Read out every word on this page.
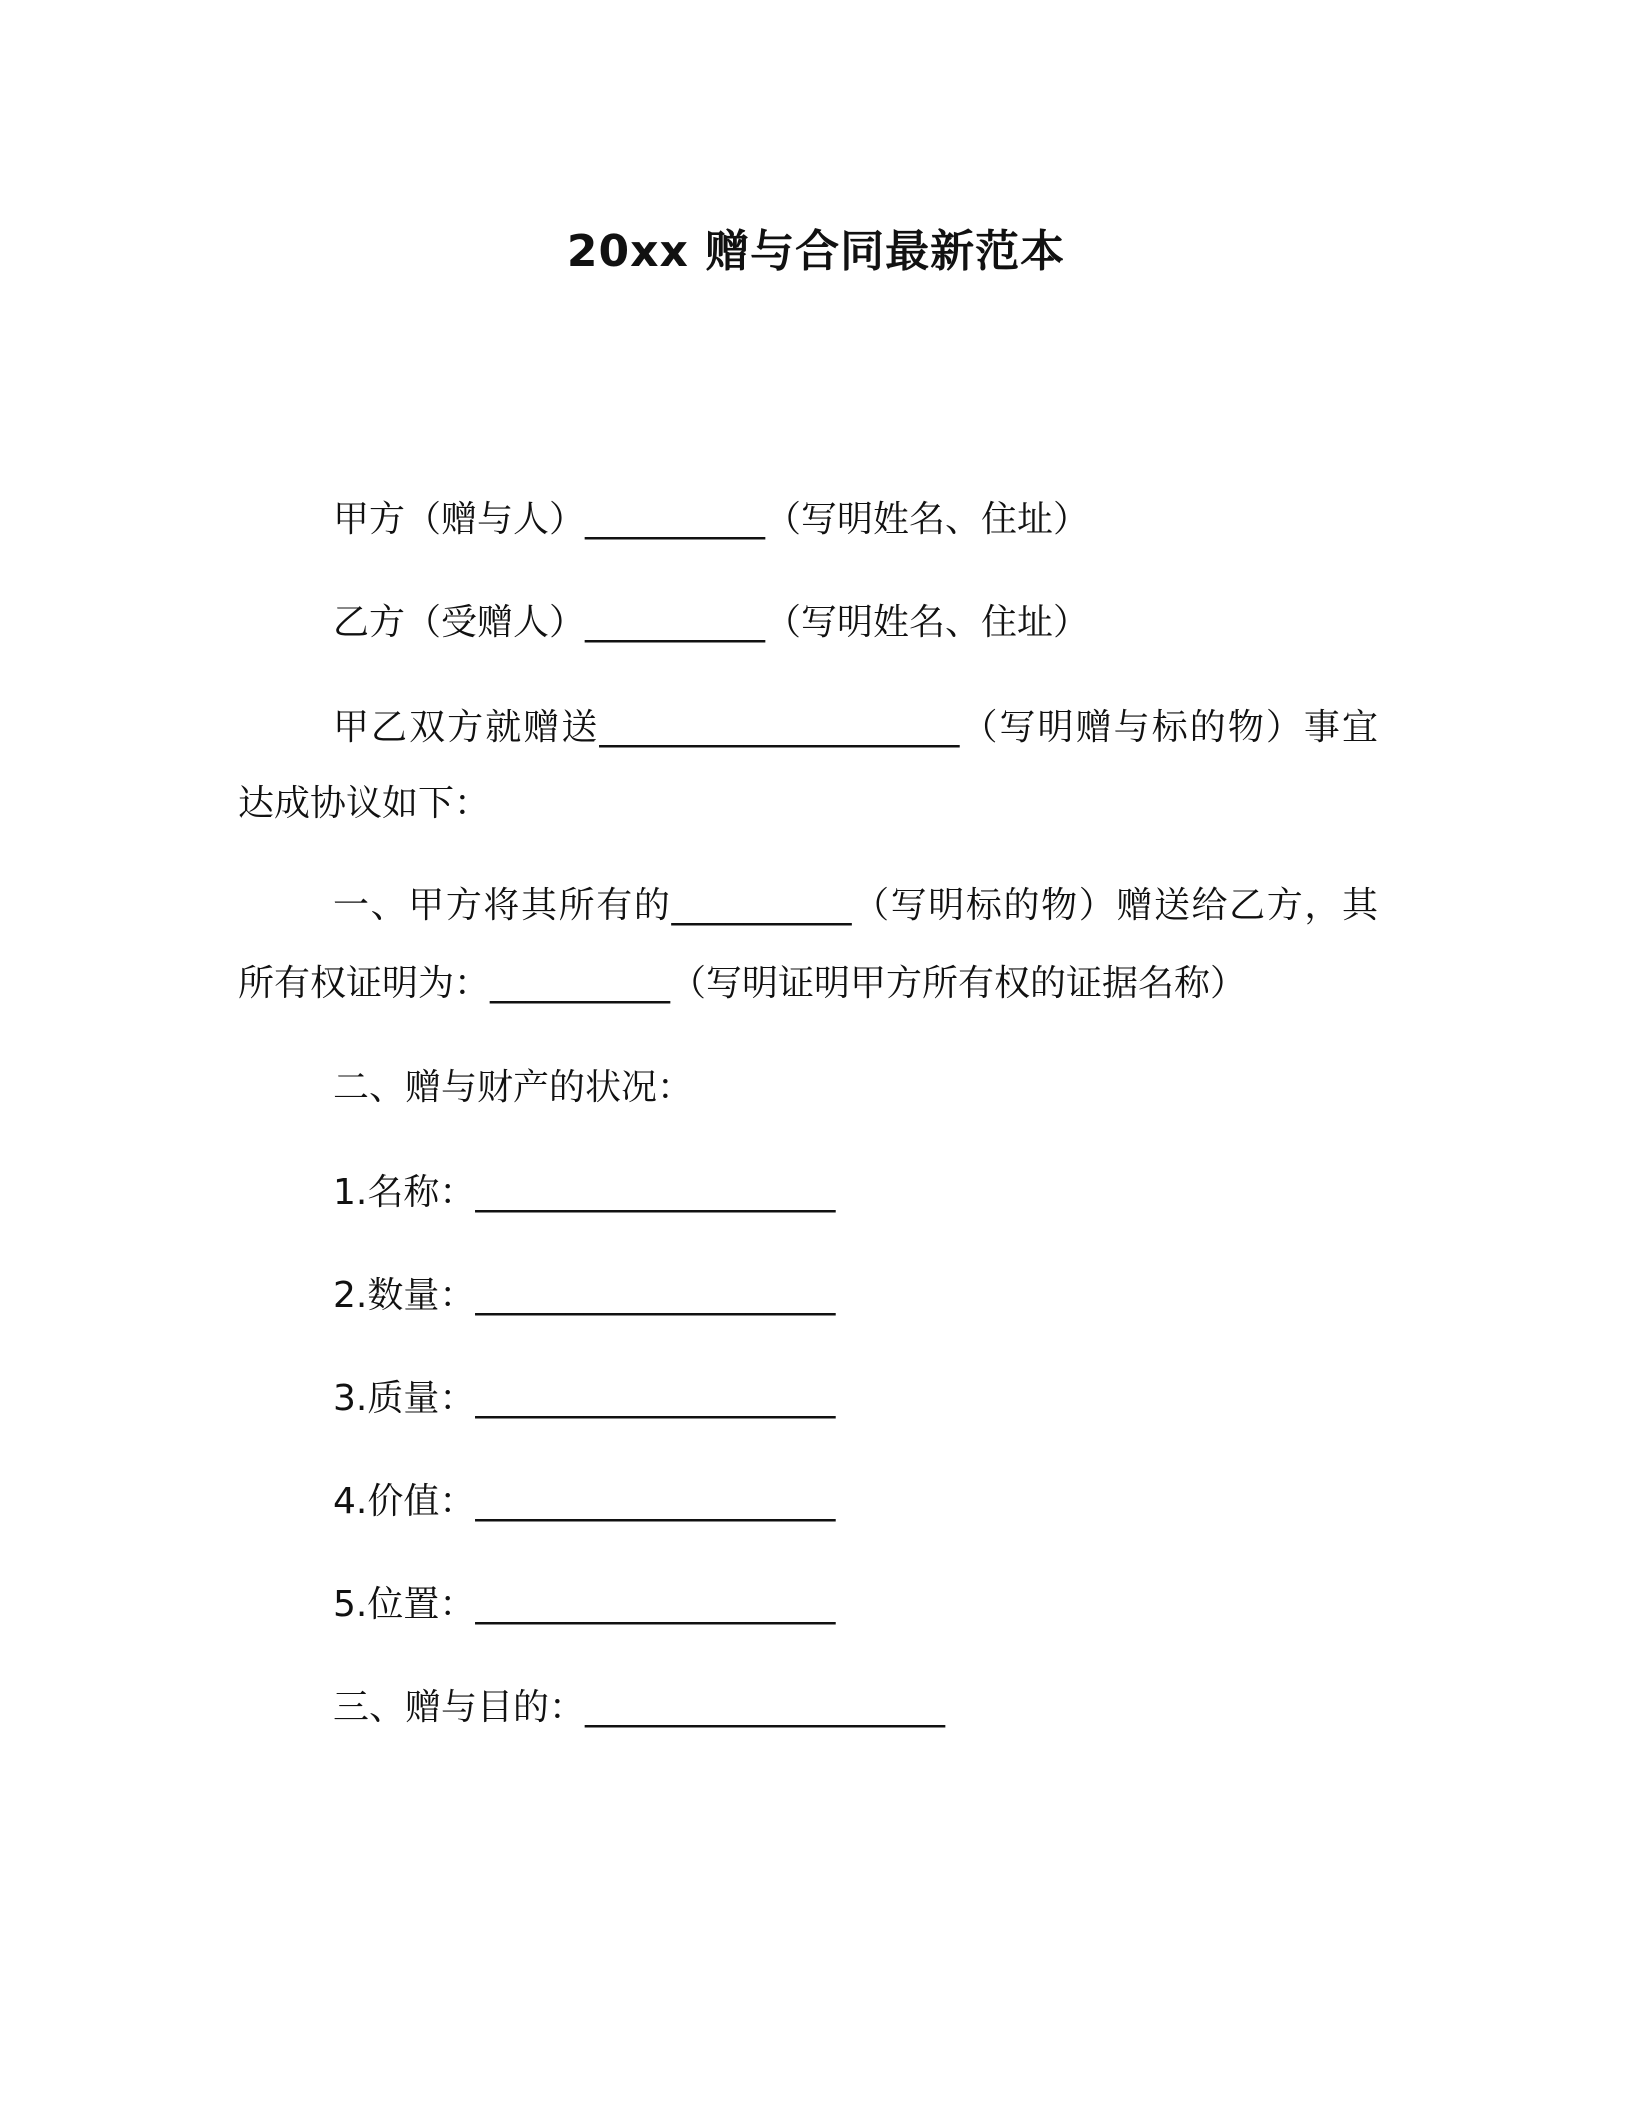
20xx 赠与合同最新范本
甲方（赠与人）__________（写明姓名、住址）
乙方（受赠人）__________（写明姓名、住址）
甲乙双方就赠送____________________（写明赠与标的物）事宜
达成协议如下：
一、甲方将其所有的__________（写明标的物）赠送给乙方，其
所有权证明为：__________（写明证明甲方所有权的证据名称）
二、赠与财产的状况：
1.名称：____________________
2.数量：____________________
3.质量：____________________
4.价值：____________________
5.位置：____________________
三、赠与目的：____________________
